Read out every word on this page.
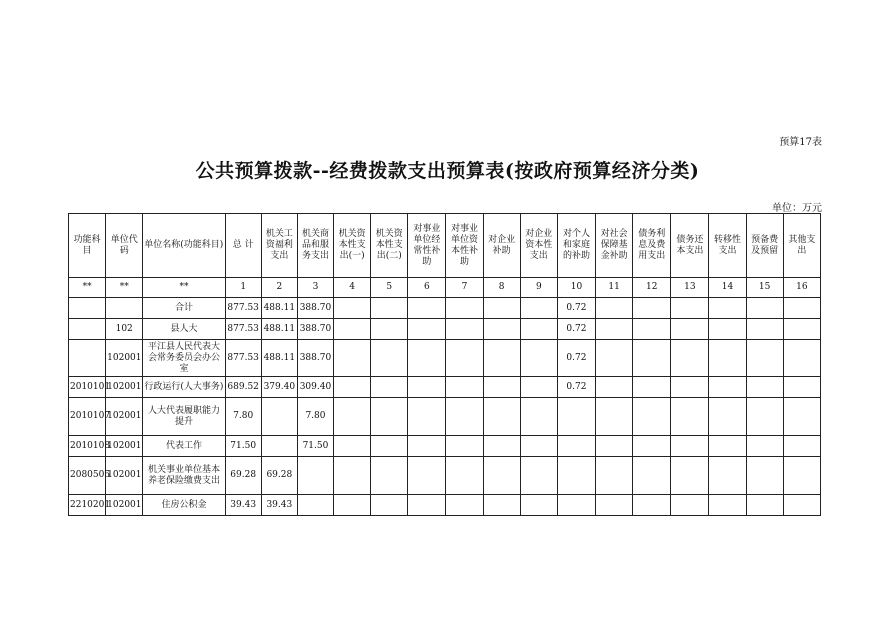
预算17表
公共预算拨款--经费拨款支出预算表(按政府预算经济分类)
单位：万元
功能科目	单位代码	单位名称(功能科目)	总 计	机关工资福利支出	机关商品和服务支出	机关资本性支出(一)	机关资本性支出(二)	对事业单位经常性补助	对事业单位资本性补助	对企业补助	对企业资本性支出	对个人和家庭的补助	对社会保障基金补助	债务利息及费用支出	债务还本支出	转移性支出	预备费及预留	其他支出
**	**	**	1	2	3	4	5	6	7	8	9	10	11	12	13	14	15	16
		合计	877.53	488.11	388.70							0.72						
	102	县人大	877.53	488.11	388.70							0.72						
	102001	平江县人民代表大会常务委员会办公室	877.53	488.11	388.70							0.72						
2010101	102001	行政运行(人大事务)	689.52	379.40	309.40							0.72						
2010107	102001	人大代表履职能力提升	7.80		7.80													
2010108	102001	代表工作	71.50		71.50													
2080505	102001	机关事业单位基本养老保险缴费支出	69.28	69.28														
2210201	102001	住房公积金	39.43	39.43														
